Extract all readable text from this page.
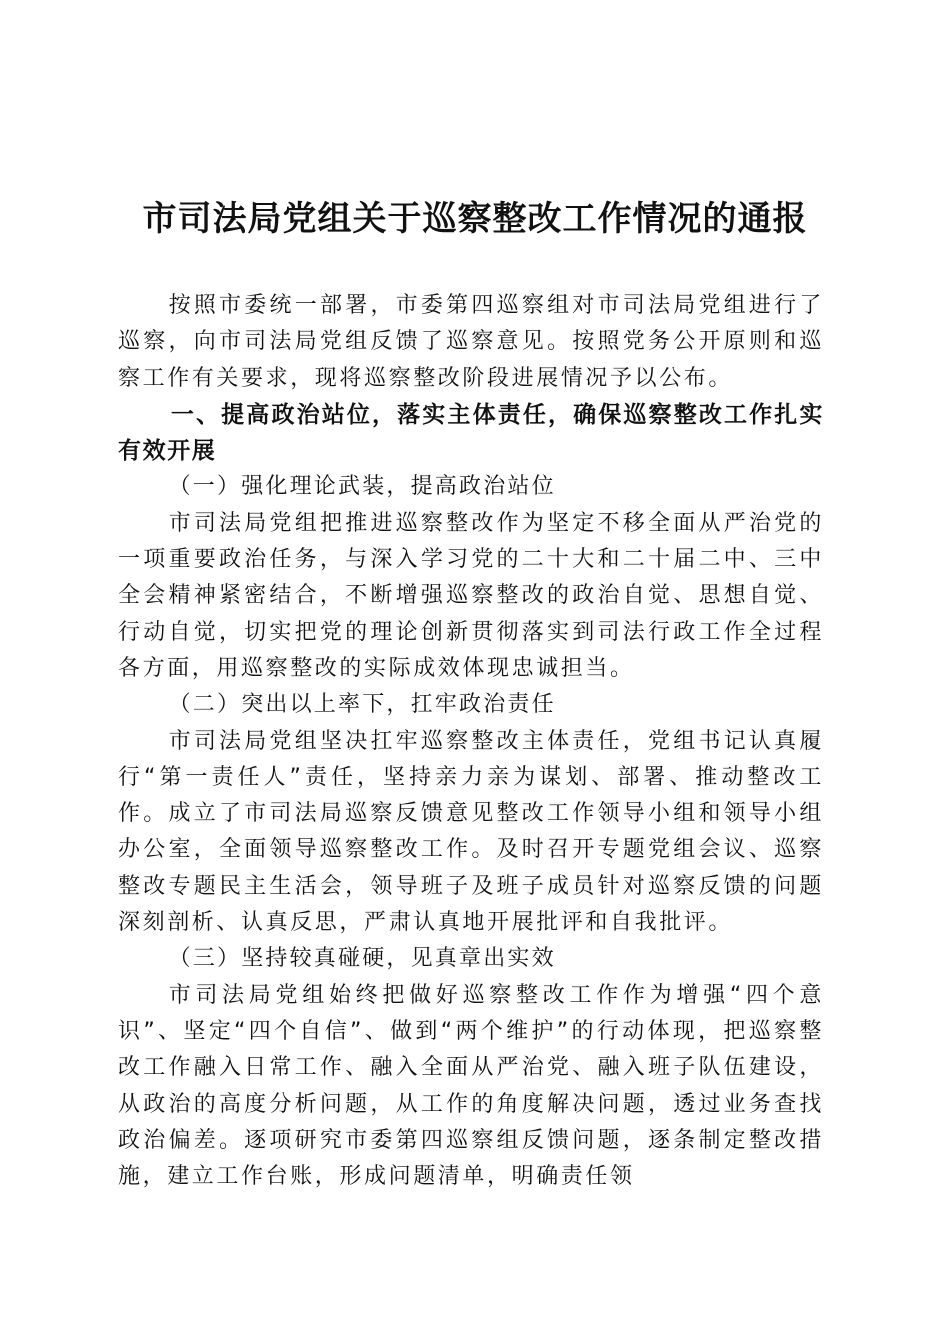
市司法局党组关于巡察整改工作情况的通报

按照市委统一部署，市委第四巡察组对市司法局党组进行了巡察，向市司法局党组反馈了巡察意见。按照党务公开原则和巡察工作有关要求，现将巡察整改阶段进展情况予以公布。

一、提高政治站位，落实主体责任，确保巡察整改工作扎实有效开展

（一）强化理论武装，提高政治站位

市司法局党组把推进巡察整改作为坚定不移全面从严治党的一项重要政治任务，与深入学习党的二十大和二十届二中、三中全会精神紧密结合，不断增强巡察整改的政治自觉、思想自觉、行动自觉，切实把党的理论创新贯彻落实到司法行政工作全过程各方面，用巡察整改的实际成效体现忠诚担当。

（二）突出以上率下，扛牢政治责任

市司法局党组坚决扛牢巡察整改主体责任，党组书记认真履行“第一责任人”责任，坚持亲力亲为谋划、部署、推动整改工作。成立了市司法局巡察反馈意见整改工作领导小组和领导小组办公室，全面领导巡察整改工作。及时召开专题党组会议、巡察整改专题民主生活会，领导班子及班子成员针对巡察反馈的问题深刻剖析、认真反思，严肃认真地开展批评和自我批评。

（三）坚持较真碰硬，见真章出实效

市司法局党组始终把做好巡察整改工作作为增强“四个意识”、坚定“四个自信”、做到“两个维护”的行动体现，把巡察整改工作融入日常工作、融入全面从严治党、融入班子队伍建设，从政治的高度分析问题，从工作的角度解决问题，透过业务查找政治偏差。逐项研究市委第四巡察组反馈问题，逐条制定整改措施，建立工作台账，形成问题清单，明确责任领
